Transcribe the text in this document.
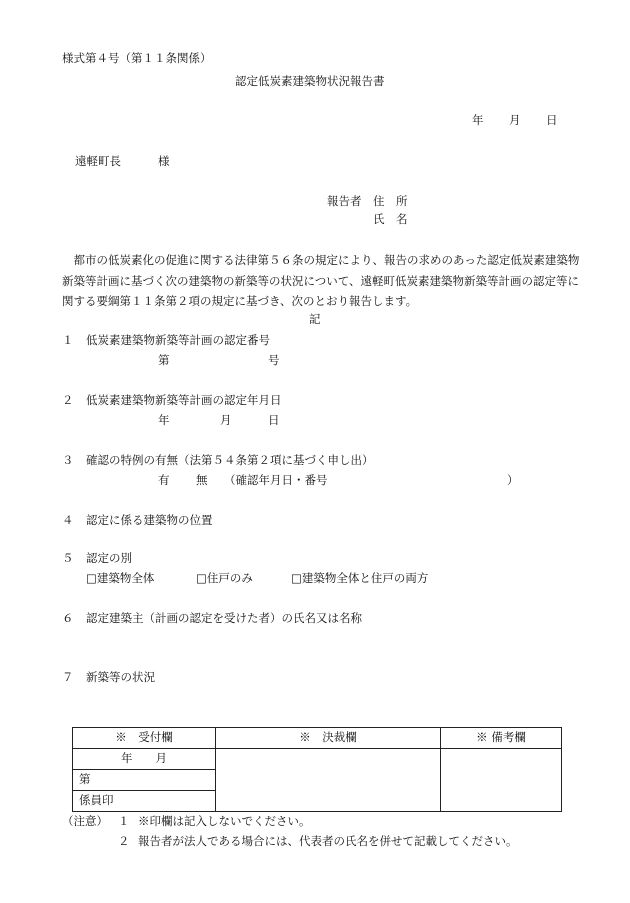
様式第４号（第１１条関係）
認定低炭素建築物状況報告書
年 月 日
遠軽町長	様
報告者 住　所
氏　名
　都市の低炭素化の促進に関する法律第５６条の規定により、報告の求めのあった認定低炭素建築物新築等計画に基づく次の建築物の新築等の状況について、遠軽町低炭素建築物新築等計画の認定等に関する要綱第１１条第２項の規定に基づき、次のとおり報告します。
記
１ 低炭素建築物新築等計画の認定番号
第	号
２ 低炭素建築物新築等計画の認定年月日
年	月	日
３ 確認の特例の有無（法第５４条第２項に基づく申し出）
有 無 （確認年月日・番号	）
４ 認定に係る建築物の位置
５ 認定の別
□建築物全体	□住戸のみ	□建築物全体と住戸の両方
６ 認定建築主（計画の認定を受けた者）の氏名又は名称
７ 新築等の状況
※　受付欄	※　決裁欄	※ 備考欄
年　　月		
第		
係員印		
（注意） １ ※印欄は記入しないでください。
２ 報告者が法人である場合には、代表者の氏名を併せて記載してください。
